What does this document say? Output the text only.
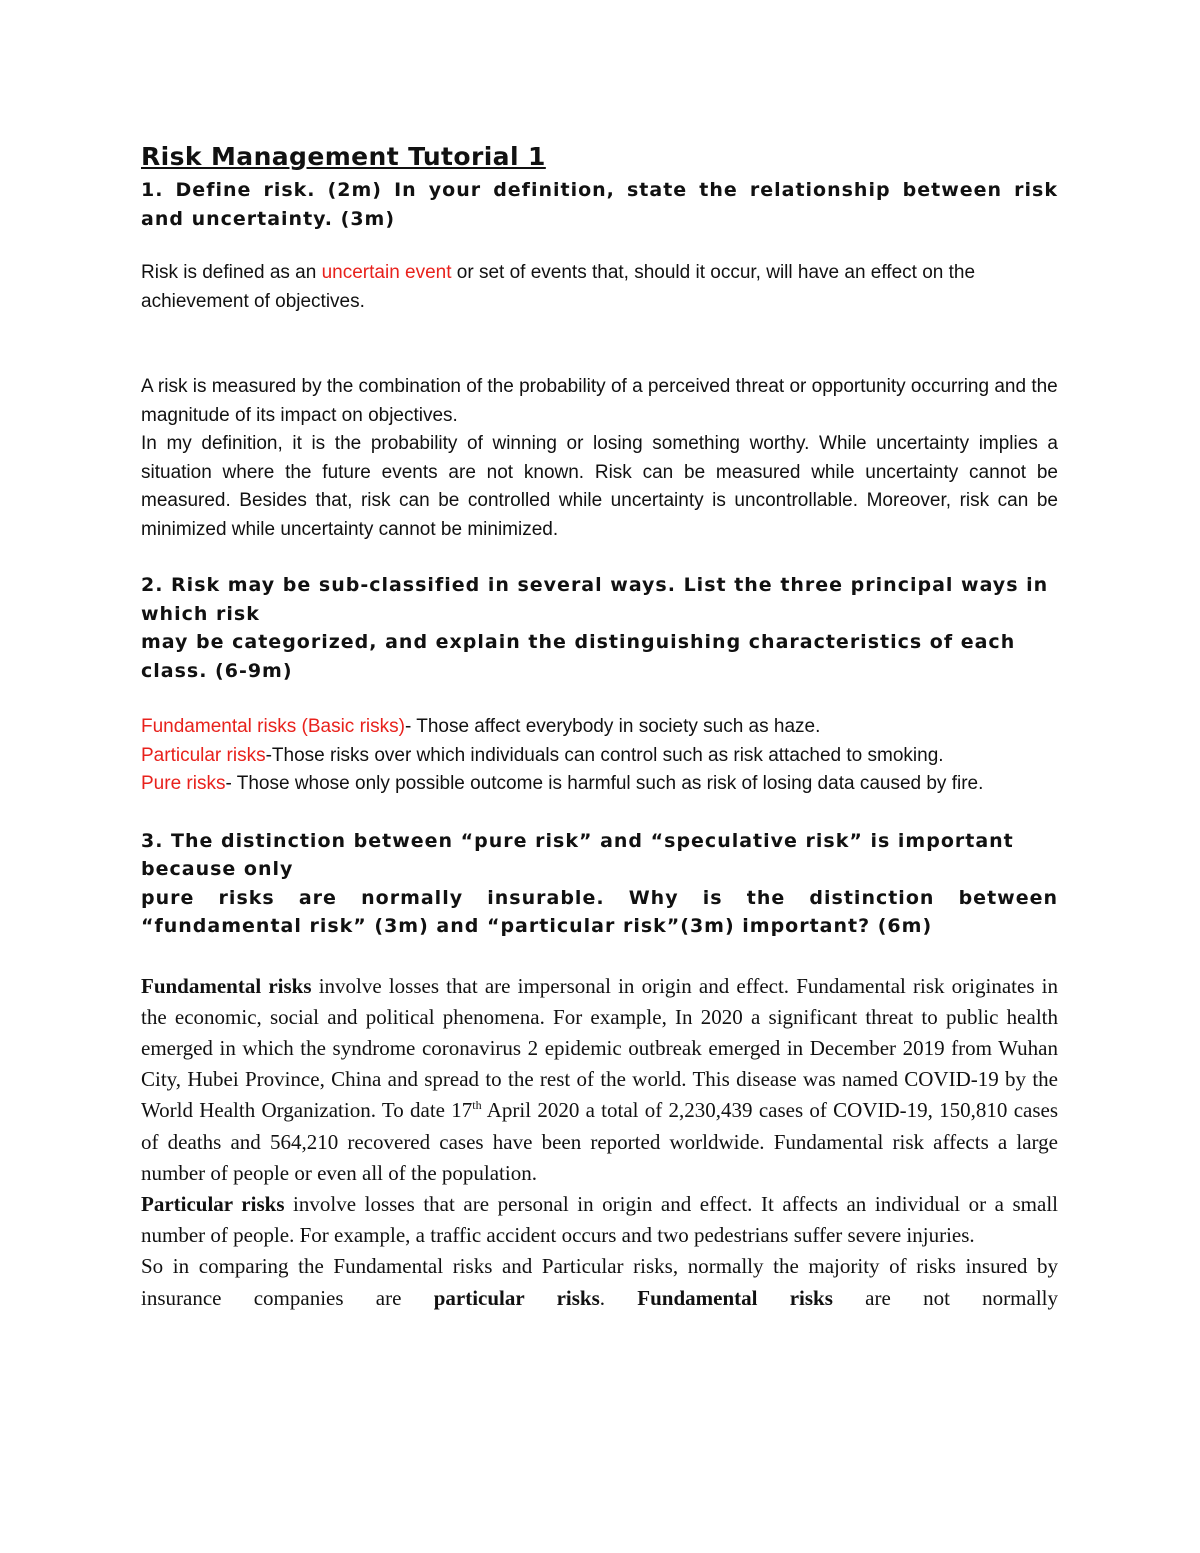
Risk Management Tutorial 1

1. Define risk. (2m) In your definition, state the relationship between risk and uncertainty. (3m)

Risk is defined as an uncertain event or set of events that, should it occur, will have an effect on the achievement of objectives.

A risk is measured by the combination of the probability of a perceived threat or opportunity occurring and the magnitude of its impact on objectives.

In my definition, it is the probability of winning or losing something worthy. While uncertainty implies a situation where the future events are not known. Risk can be measured while uncertainty cannot be measured. Besides that, risk can be controlled while uncertainty is uncontrollable. Moreover, risk can be minimized while uncertainty cannot be minimized.

2. Risk may be sub-classified in several ways. List the three principal ways in which risk

may be categorized, and explain the distinguishing characteristics of each class. (6-9m)

Fundamental risks (Basic risks)- Those affect everybody in society such as haze.

Particular risks-Those risks over which individuals can control such as risk attached to smoking.

Pure risks- Those whose only possible outcome is harmful such as risk of losing data caused by fire.

3. The distinction between “pure risk” and “speculative risk” is important because only

pure risks are normally insurable. Why is the distinction between “fundamental risk” (3m) and “particular risk”(3m) important? (6m)

Fundamental risks involve losses that are impersonal in origin and effect. Fundamental risk originates in the economic, social and political phenomena. For example, In 2020 a significant threat to public health emerged in which the syndrome coronavirus 2 epidemic outbreak emerged in December 2019 from Wuhan City, Hubei Province, China and spread to the rest of the world. This disease was named COVID-19 by the World Health Organization. To date 17th April 2020 a total of 2,230,439 cases of COVID-19, 150,810 cases of deaths and 564,210 recovered cases have been reported worldwide. Fundamental risk affects a large number of people or even all of the population.

Particular risks involve losses that are personal in origin and effect. It affects an individual or a small number of people. For example, a traffic accident occurs and two pedestrians suffer severe injuries.

So in comparing the Fundamental risks and Particular risks, normally the majority of risks insured by insurance companies are particular risks. Fundamental risks are not normally
